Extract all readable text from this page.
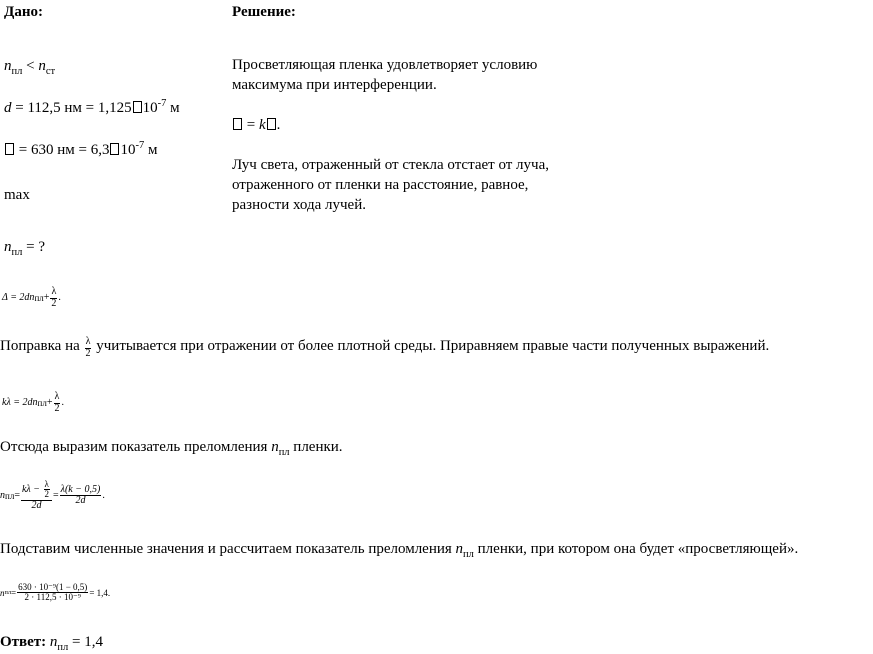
Дано:	Решение:
$n_{пл} < n_{ст}$
d = 112,5 нм = 1,125 $10^{-7}$ м
= 630 нм = 6,3 $10^{-7}$ м
max
$n_{пл}$ = ?
Просветляющая пленка удовлетворяет условию
максимума при интерференции.
= k .
Луч света, отраженный от стекла отстает от луча,
отраженного от пленки на расстояние, равное,
разности хода лучей.
Δ = 2dn пл + $\frac{\lambda}{2}$ .
Поправка на $\frac{\lambda}{2}$ учитывается при отражении от более плотной среды. Приравняем правые части полученных выражений.
kλ = 2dn пл + $\frac{\lambda}{2}$ .
Отсюда выразим показатель преломления $n_{пл}$ пленки.
n пл = $\frac{k\lambda - \frac{\lambda}{2}}{2d} = \frac{\lambda(k - 0,5)}{2d}$ .
Подставим численные значения и рассчитаем показатель преломления $n_{пл}$ пленки, при котором она будет «просветляющей».
n пл = $\frac{\text{630 · 10⁻⁹(1 − 0,5)}}{\text{2 · 112,5 · 10⁻⁹}} = 1,4$.
Ответ: $n_{пл} = 1,4$
